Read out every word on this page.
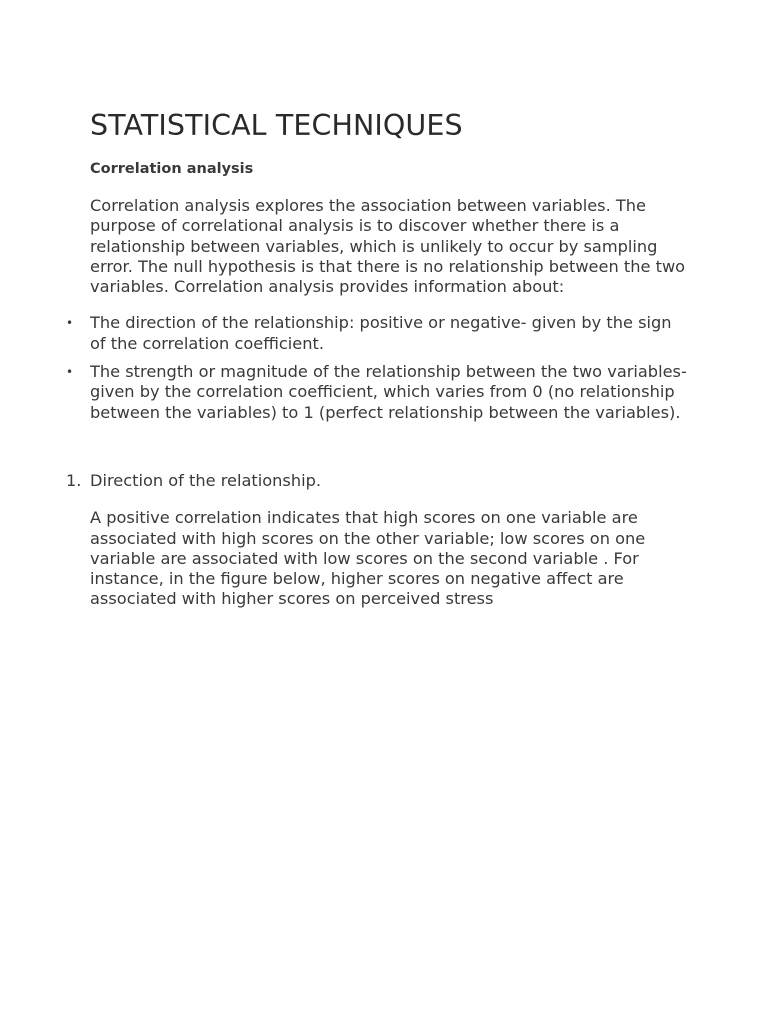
STATISTICAL TECHNIQUES
Correlation analysis

Correlation analysis explores the association between variables. The purpose of correlational analysis is to discover whether there is a relationship between variables, which is unlikely to occur by sampling error. The null hypothesis is that there is no relationship between the two variables. Correlation analysis provides information about:

• The direction of the relationship: positive or negative- given by the sign of the correlation coefficient.
• The strength or magnitude of the relationship between the two variables- given by the correlation coefficient, which varies from 0 (no relationship between the variables) to 1 (perfect relationship between the variables).
1. Direction of the relationship.

A positive correlation indicates that high scores on one variable are associated with high scores on the other variable; low scores on one variable are associated with low scores on the second variable . For instance, in the figure below, higher scores on negative affect are associated with higher scores on perceived stress
